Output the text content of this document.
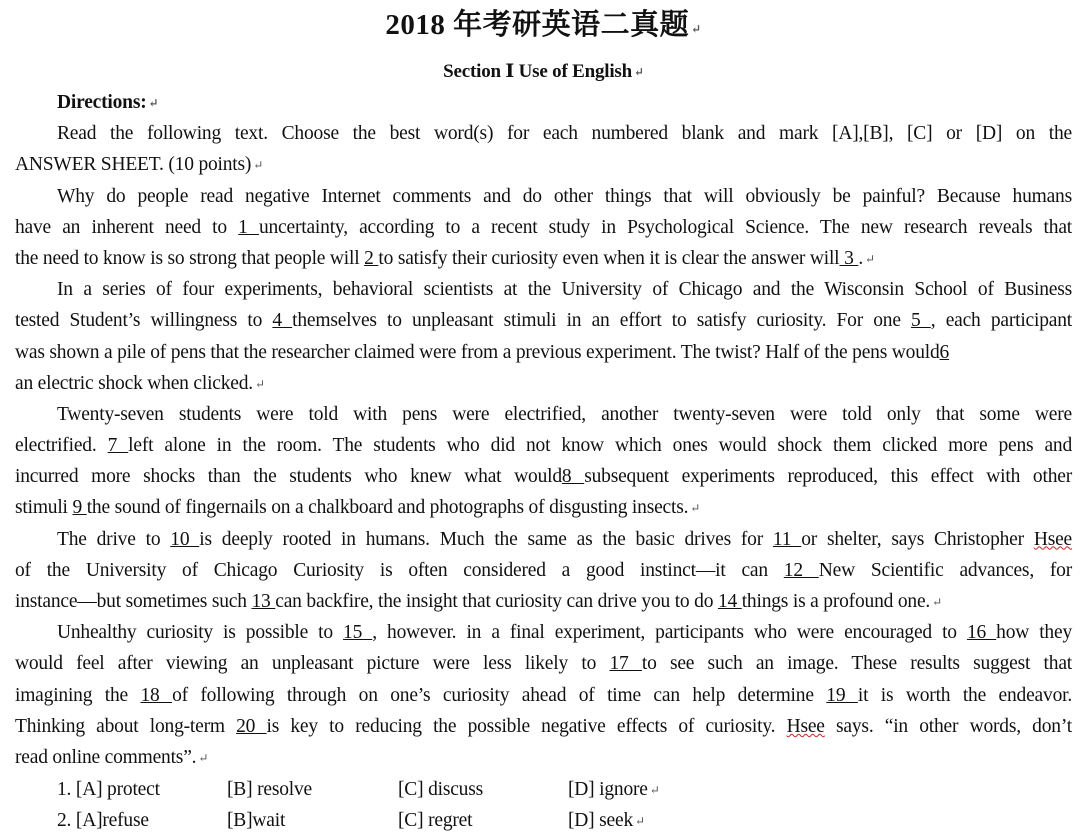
2018 年考研英语二真题 ↵
Section Ⅰ Use of English ↵
Directions: ↵
Read the following text. Choose the best word(s) for each numbered blank and mark [A],[B], [C] or [D] on the
ANSWER SHEET. (10 points) ↵
Why do people read negative Internet comments and do other things that will obviously be painful? Because humans
have an inherent need to 1 uncertainty, according to a recent study in Psychological Science. The new research reveals that
the need to know is so strong that people will 2 to satisfy their curiosity even when it is clear the answer will 3 . ↵
In a series of four experiments, behavioral scientists at the University of Chicago and the Wisconsin School of Business
tested Student’s willingness to 4 themselves to unpleasant stimuli in an effort to satisfy curiosity. For one 5 , each participant
was shown a pile of pens that the researcher claimed were from a previous experiment. The twist? Half of the pens would6
an electric shock when clicked. ↵
Twenty-seven students were told with pens were electrified, another twenty-seven were told only that some were
electrified. 7 left alone in the room. The students who did not know which ones would shock them clicked more pens and
incurred more shocks than the students who knew what would8 subsequent experiments reproduced, this effect with other
stimuli 9 the sound of fingernails on a chalkboard and photographs of disgusting insects. ↵
The drive to 10 is deeply rooted in humans. Much the same as the basic drives for 11 or shelter, says Christopher Hsee
of the University of Chicago Curiosity is often considered a good instinct—it can 12 New Scientific advances, for
instance—but sometimes such 13 can backfire, the insight that curiosity can drive you to do 14 things is a profound one. ↵
Unhealthy curiosity is possible to 15 , however. in a final experiment, participants who were encouraged to 16 how they
would feel after viewing an unpleasant picture were less likely to 17 to see such an image. These results suggest that
imagining the 18 of following through on one’s curiosity ahead of time can help determine 19 it is worth the endeavor.
Thinking about long-term 20 is key to reducing the possible negative effects of curiosity. Hsee says. “in other words, don’t
read online comments”. ↵
1. [A] protect	[B] resolve	[C] discuss	[D] ignore ↵
2. [A]refuse	[B]wait	[C] regret	[D] seek ↵
